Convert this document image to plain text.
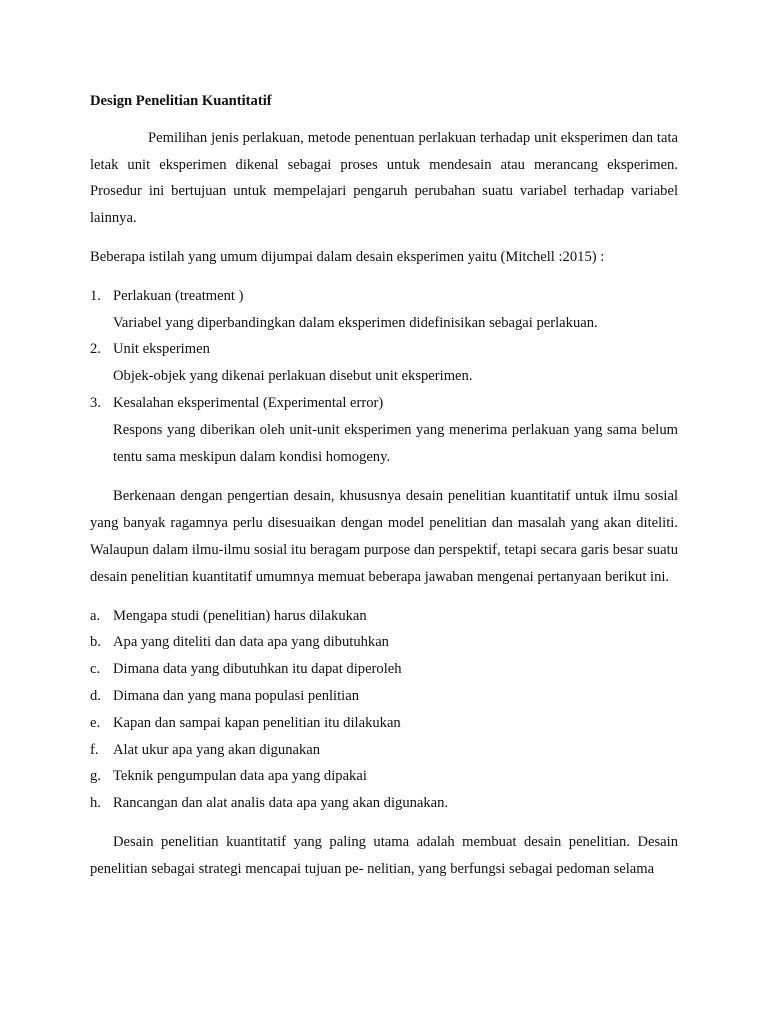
Design Penelitian Kuantitatif

Pemilihan jenis perlakuan, metode penentuan perlakuan terhadap unit eksperimen dan tata letak unit eksperimen dikenal sebagai proses untuk mendesain atau merancang eksperimen. Prosedur ini bertujuan untuk mempelajari pengaruh perubahan suatu variabel terhadap variabel lainnya.

Beberapa istilah yang umum dijumpai dalam desain eksperimen yaitu (Mitchell :2015) :

1. Perlakuan (treatment )
Variabel yang diperbandingkan dalam eksperimen didefinisikan sebagai perlakuan.
2. Unit eksperimen
Objek-objek yang dikenai perlakuan disebut unit eksperimen.
3. Kesalahan eksperimental (Experimental error)
Respons yang diberikan oleh unit-unit eksperimen yang menerima perlakuan yang sama belum tentu sama meskipun dalam kondisi homogeny.

Berkenaan dengan pengertian desain, khususnya desain penelitian kuantitatif untuk ilmu sosial yang banyak ragamnya perlu disesuaikan dengan model penelitian dan masalah yang akan diteliti. Walaupun dalam ilmu-ilmu sosial itu beragam purpose dan perspektif, tetapi secara garis besar suatu desain penelitian kuantitatif umumnya memuat beberapa jawaban mengenai pertanyaan berikut ini.

a. Mengapa studi (penelitian) harus dilakukan
b. Apa yang diteliti dan data apa yang dibutuhkan
c. Dimana data yang dibutuhkan itu dapat diperoleh
d. Dimana dan yang mana populasi penlitian
e. Kapan dan sampai kapan penelitian itu dilakukan
f. Alat ukur apa yang akan digunakan
g. Teknik pengumpulan data apa yang dipakai
h. Rancangan dan alat analis data apa yang akan digunakan.

Desain penelitian kuantitatif yang paling utama adalah membuat desain penelitian. Desain penelitian sebagai strategi mencapai tujuan pe- nelitian, yang berfungsi sebagai pedoman selama
